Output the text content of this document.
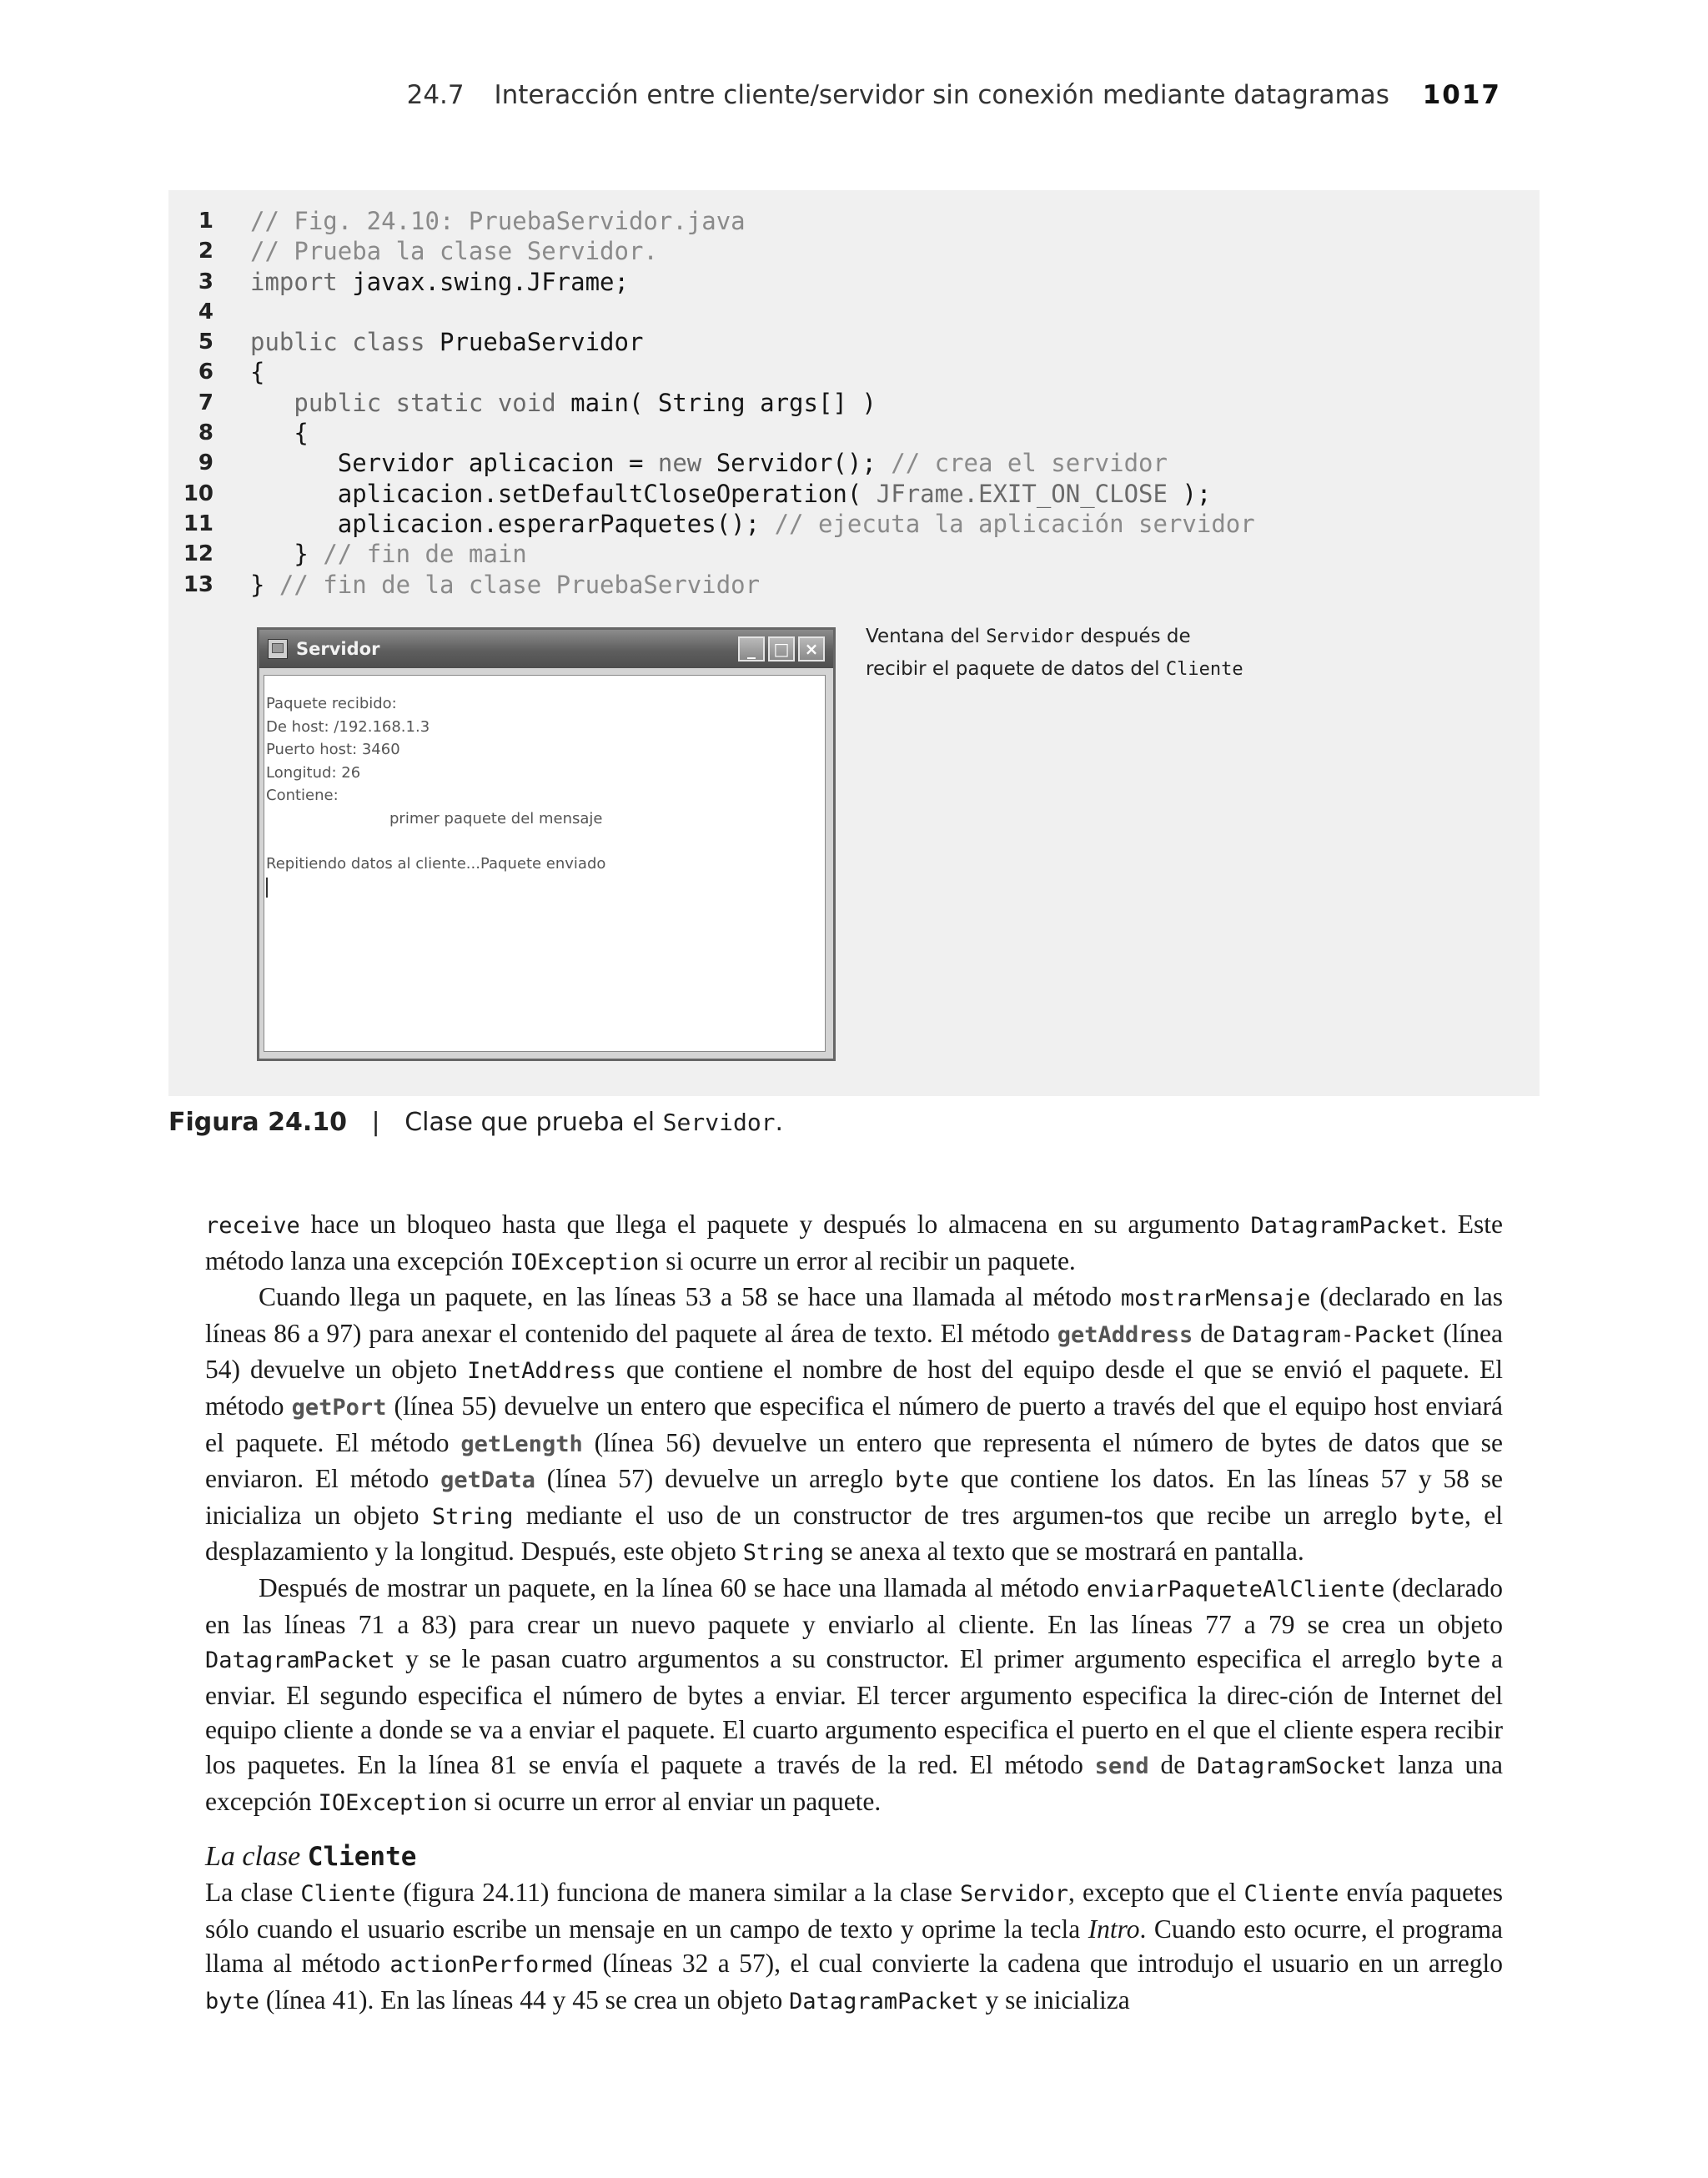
24.7 Interacción entre cliente/servidor sin conexión mediante datagramas 1017
1 // Fig. 24.10: PruebaServidor.java
2 // Prueba la clase Servidor.
3 import javax.swing.JFrame;
4
5 public class PruebaServidor
6 {
7	public static void main( String args[] )
8	{
9	Servidor aplicacion = new Servidor(); // crea el servidor
10	aplicacion.setDefaultCloseOperation( JFrame.EXIT_ON_CLOSE );
11	aplicacion.esperarPaquetes(); // ejecuta la aplicación servidor
12	} // fin de main
13 } // fin de la clase PruebaServidor
Servidor	_	□ ×
Paquete recibido:
De host: /192.168.1.3
Puerto host: 3460
Longitud: 26
Contiene:
primer paquete del mensaje
Repitiendo datos al cliente...Paquete enviado
Ventana del Servidor después de
recibir el paquete de datos del Cliente
Figura 24.10 | Clase que prueba el Servidor.

receive hace un bloqueo hasta que llega el paquete y después lo almacena en su argumento DatagramPacket. Este método lanza una excepción IOException si ocurre un error al recibir un paquete.

Cuando llega un paquete, en las líneas 53 a 58 se hace una llamada al método mostrarMensaje (declarado en las líneas 86 a 97) para anexar el contenido del paquete al área de texto. El método getAddress de Datagram-Packet (línea 54) devuelve un objeto InetAddress que contiene el nombre de host del equipo desde el que se envió el paquete. El método getPort (línea 55) devuelve un entero que especifica el número de puerto a través del que el equipo host enviará el paquete. El método getLength (línea 56) devuelve un entero que representa el número de bytes de datos que se enviaron. El método getData (línea 57) devuelve un arreglo byte que contiene los datos. En las líneas 57 y 58 se inicializa un objeto String mediante el uso de un constructor de tres argumen-tos que recibe un arreglo byte, el desplazamiento y la longitud. Después, este objeto String se anexa al texto que se mostrará en pantalla.

Después de mostrar un paquete, en la línea 60 se hace una llamada al método enviarPaqueteAlCliente (declarado en las líneas 71 a 83) para crear un nuevo paquete y enviarlo al cliente. En las líneas 77 a 79 se crea un objeto DatagramPacket y se le pasan cuatro argumentos a su constructor. El primer argumento especifica el arreglo byte a enviar. El segundo especifica el número de bytes a enviar. El tercer argumento especifica la direc-ción de Internet del equipo cliente a donde se va a enviar el paquete. El cuarto argumento especifica el puerto en el que el cliente espera recibir los paquetes. En la línea 81 se envía el paquete a través de la red. El método send de DatagramSocket lanza una excepción IOException si ocurre un error al enviar un paquete.

La clase Cliente

La clase Cliente (figura 24.11) funciona de manera similar a la clase Servidor, excepto que el Cliente envía paquetes sólo cuando el usuario escribe un mensaje en un campo de texto y oprime la tecla Intro. Cuando esto ocurre, el programa llama al método actionPerformed (líneas 32 a 57), el cual convierte la cadena que introdujo el usuario en un arreglo byte (línea 41). En las líneas 44 y 45 se crea un objeto DatagramPacket y se inicializa
